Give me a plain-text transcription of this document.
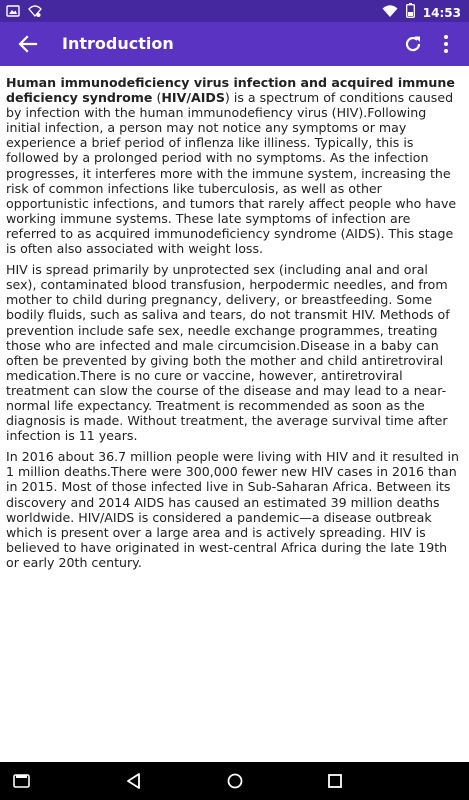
14:53
Introduction

Human immunodeficiency virus infection and acquired immune deficiency syndrome (HIV/AIDS) is a spectrum of conditions caused by infection with the human immunodefiency virus (HIV).Following initial infection, a person may not notice any symptoms or may experience a brief period of inflenza like illiness. Typically, this is followed by a prolonged period with no symptoms. As the infection progresses, it interferes more with the immune system, increasing the risk of common infections like tuberculosis, as well as other opportunistic infections, and tumors that rarely affect people who have working immune systems. These late symptoms of infection are referred to as acquired immunodeficiency syndrome (AIDS). This stage is often also associated with weight loss.

HIV is spread primarily by unprotected sex (including anal and oral sex), contaminated blood transfusion, herpodermic needles, and from mother to child during pregnancy, delivery, or breastfeeding. Some bodily fluids, such as saliva and tears, do not transmit HIV. Methods of prevention include safe sex, needle exchange programmes, treating those who are infected and male circumcision.Disease in a baby can often be prevented by giving both the mother and child antiretroviral medication.There is no cure or vaccine, however, antiretroviral treatment can slow the course of the disease and may lead to a near-normal life expectancy. Treatment is recommended as soon as the diagnosis is made. Without treatment, the average survival time after infection is 11 years.

In 2016 about 36.7 million people were living with HIV and it resulted in 1 million deaths.There were 300,000 fewer new HIV cases in 2016 than in 2015. Most of those infected live in Sub-Saharan Africa. Between its discovery and 2014 AIDS has caused an estimated 39 million deaths worldwide. HIV/AIDS is considered a pandemic—a disease outbreak which is present over a large area and is actively spreading. HIV is believed to have originated in west-central Africa during the late 19th or early 20th century.
